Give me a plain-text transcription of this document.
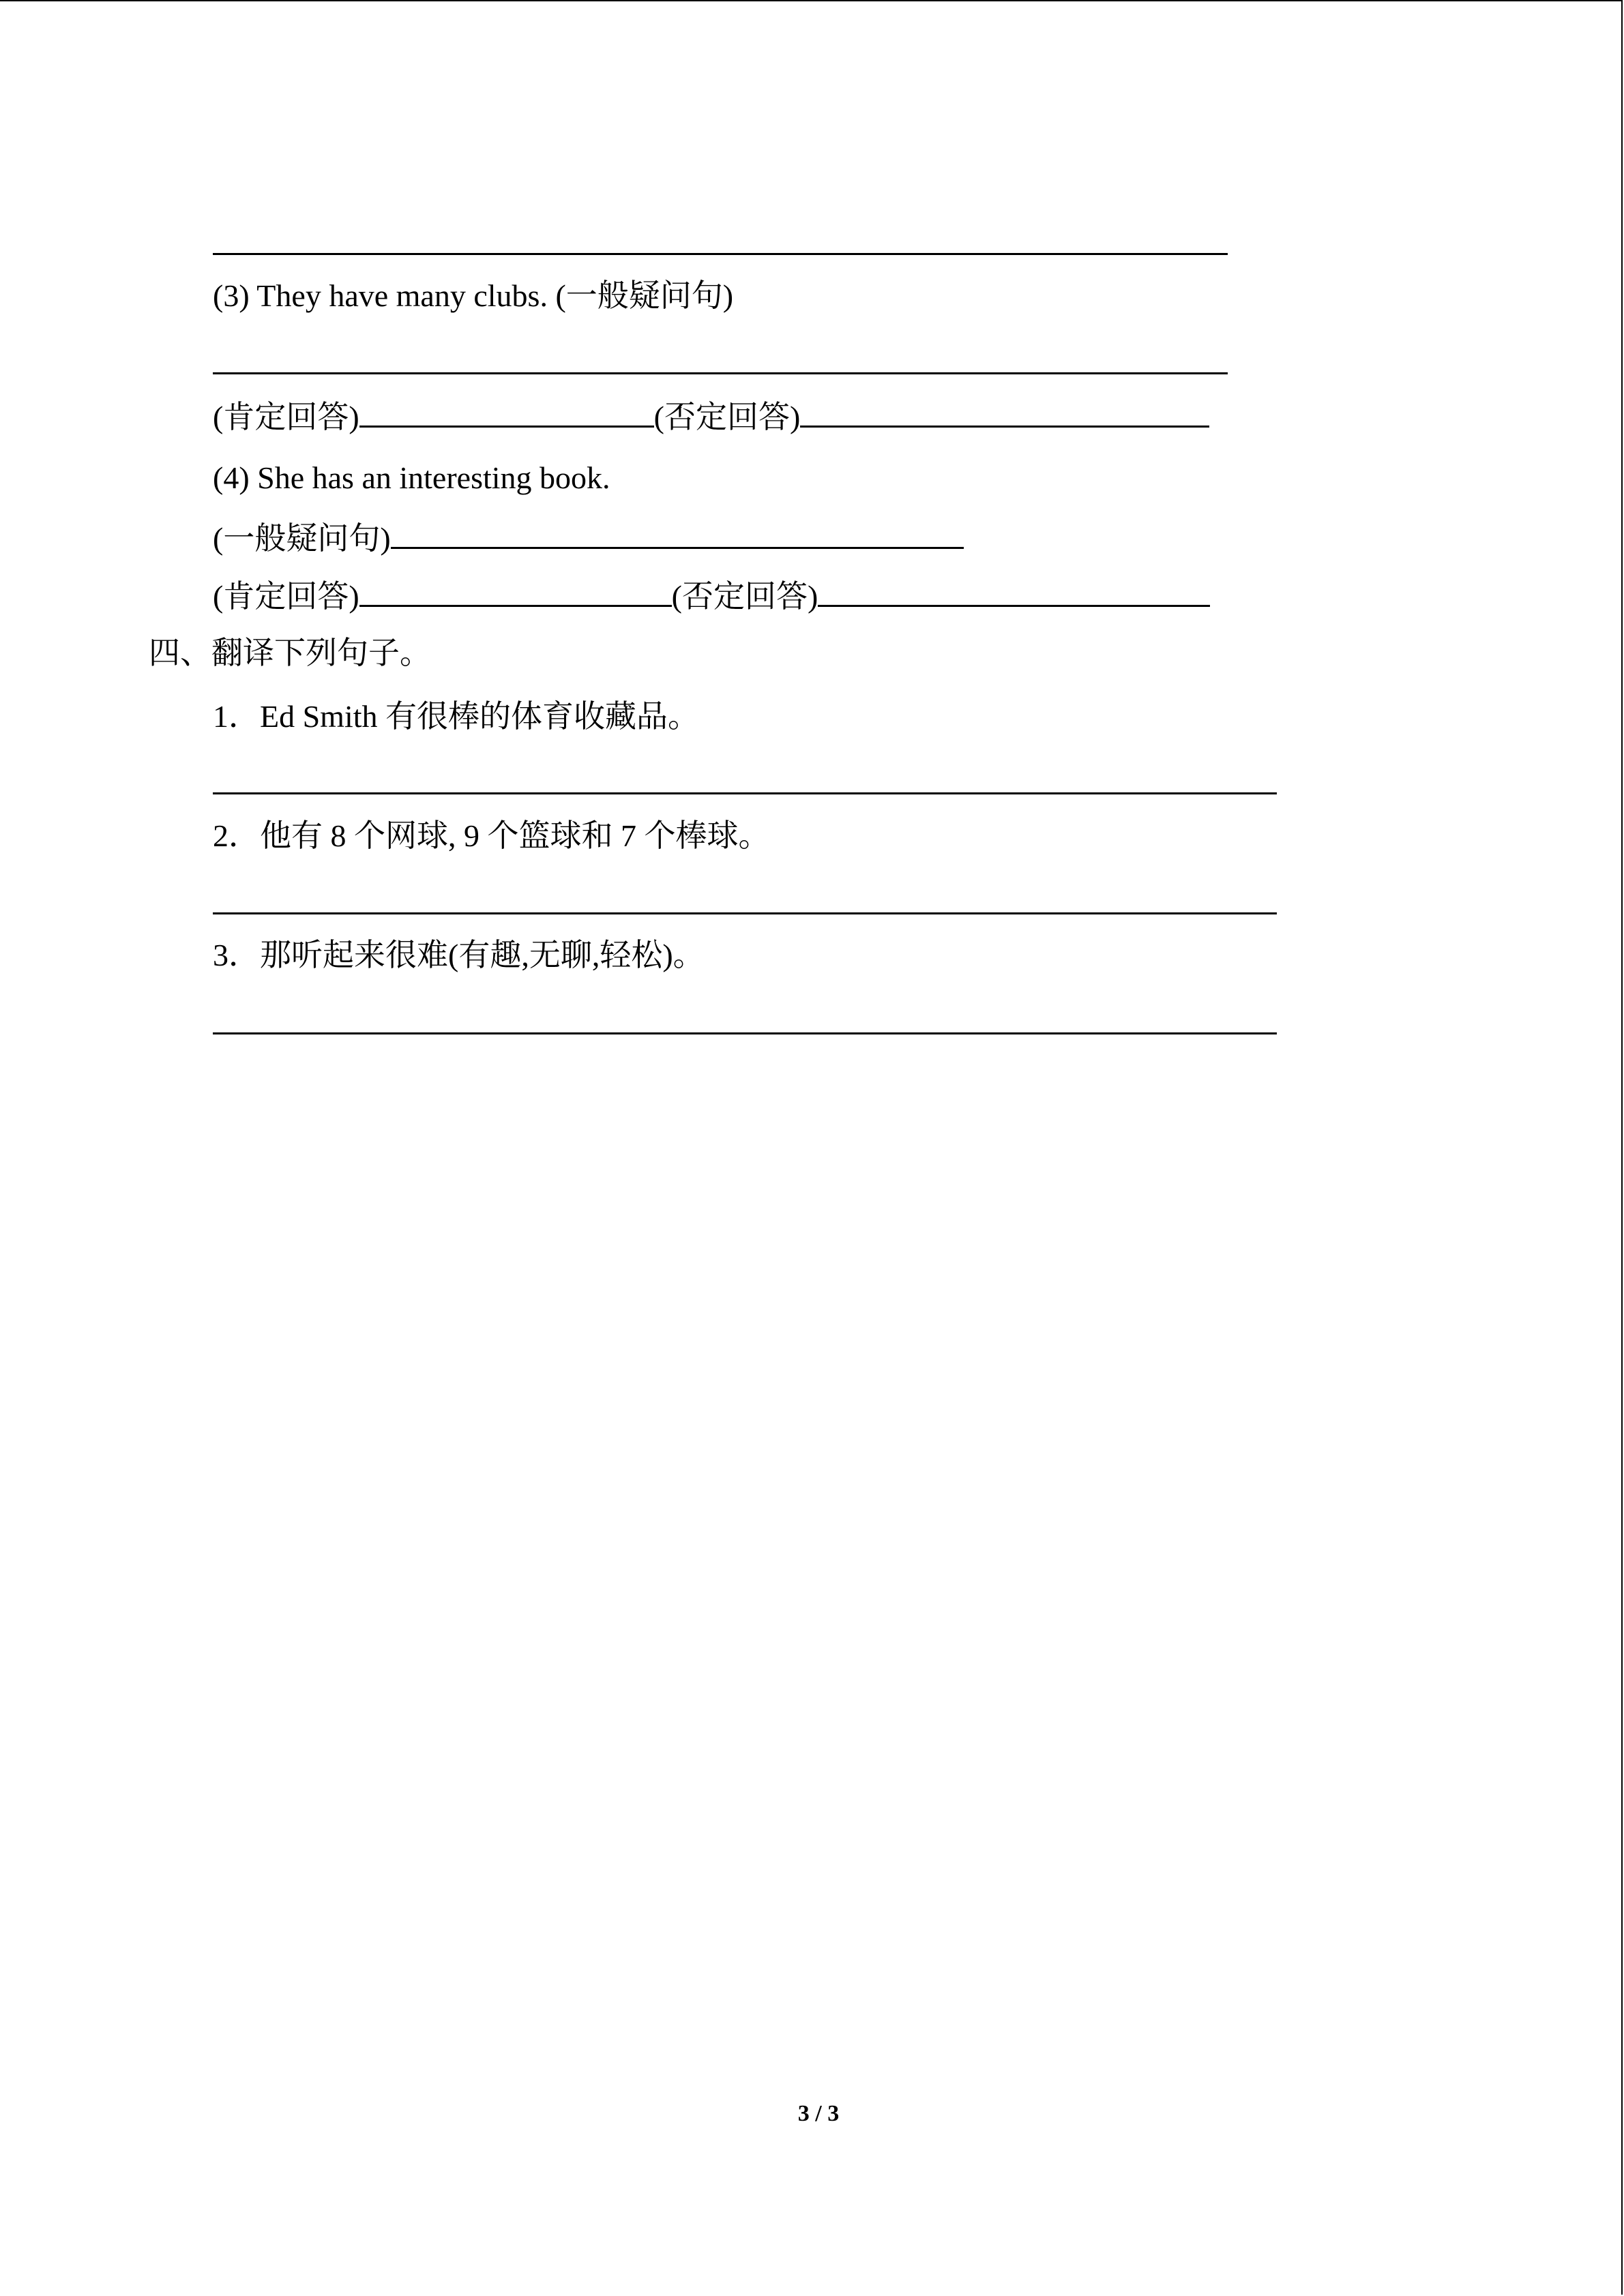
(3) They have many clubs. (一般疑问句)
(肯定回答)	(否定回答)
(4) She has an interesting book.
(一般疑问句)
(肯定回答)	(否定回答)
四、翻译下列句子。
1．Ed Smith 有很棒的体育收藏品。
2．他有 8 个网球, 9 个篮球和 7 个棒球。
3．那听起来很难(有趣,无聊,轻松)。
3 / 3
